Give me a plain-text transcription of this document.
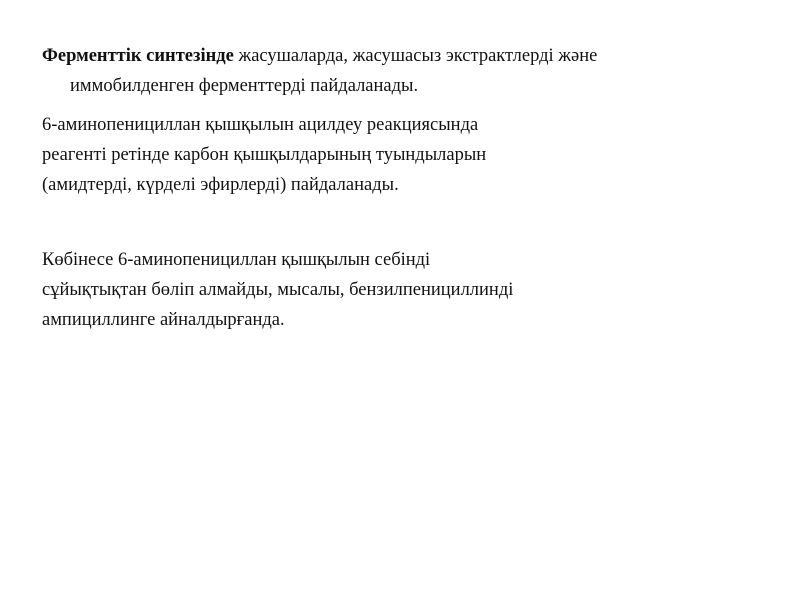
Ферменттік синтезінде жасушаларда, жасушасыз экстрактлерді және
иммобилденген ферменттерді пайдаланады.

6-аминопенициллан қышқылын ацилдеу реакциясында
реагенті ретінде карбон қышқылдарының туындыларын
(амидтерді, күрделі эфирлерді) пайдаланады.

Көбінесе 6-аминопенициллан қышқылын себінді
сұйықтықтан бөліп алмайды, мысалы, бензилпенициллинді
ампициллинге айналдырғанда.
